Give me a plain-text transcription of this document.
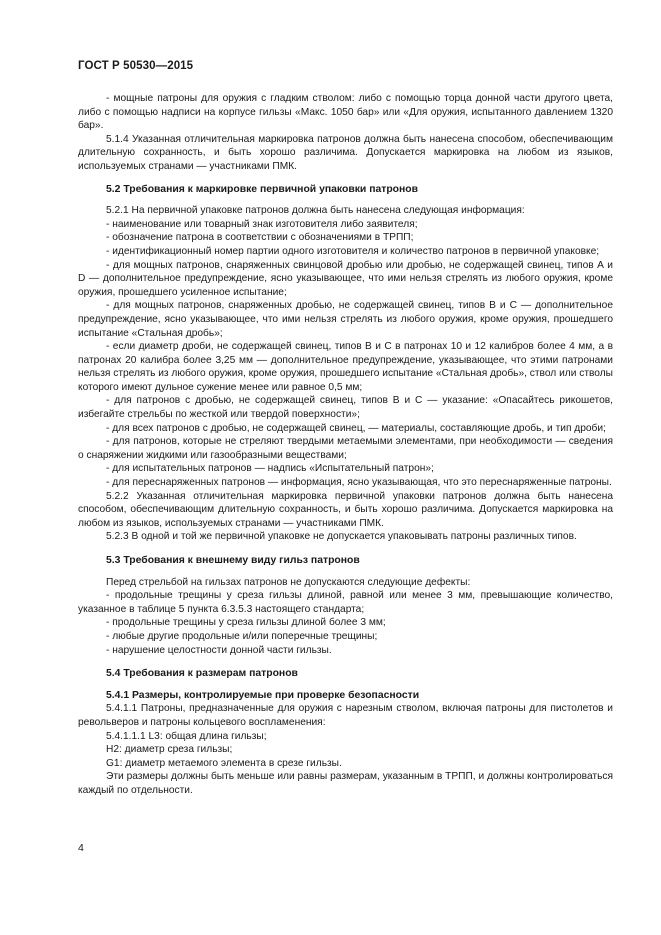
ГОСТ Р 50530—2015

- мощные патроны для оружия с гладким стволом: либо с помощью торца донной части другого цвета, либо с помощью надписи на корпусе гильзы «Макс. 1050 бар» или «Для оружия, испытанного давлением 1320 бар».

5.1.4 Указанная отличительная маркировка патронов должна быть нанесена способом, обеспечивающим длительную сохранность, и быть хорошо различима. Допускается маркировка на любом из языков, используемых странами — участниками ПМК.

5.2 Требования к маркировке первичной упаковки патронов

5.2.1 На первичной упаковке патронов должна быть нанесена следующая информация:

- наименование или товарный знак изготовителя либо заявителя;

- обозначение патрона в соответствии с обозначениями в ТРПП;

- идентификационный номер партии одного изготовителя и количество патронов в первичной упаковке;

- для мощных патронов, снаряженных свинцовой дробью или дробью, не содержащей свинец, типов А и D — дополнительное предупреждение, ясно указывающее, что ими нельзя стрелять из любого оружия, кроме оружия, прошедшего усиленное испытание;

- для мощных патронов, снаряженных дробью, не содержащей свинец, типов В и С — дополнительное предупреждение, ясно указывающее, что ими нельзя стрелять из любого оружия, кроме оружия, прошедшего испытание «Стальная дробь»;

- если диаметр дроби, не содержащей свинец, типов В и С в патронах 10 и 12 калибров более 4 мм, а в патронах 20 калибра более 3,25 мм — дополнительное предупреждение, указывающее, что этими патронами нельзя стрелять из любого оружия, кроме оружия, прошедшего испытание «Стальная дробь», ствол или стволы которого имеют дульное сужение менее или равное 0,5 мм;

- для патронов с дробью, не содержащей свинец, типов В и С — указание: «Опасайтесь рикошетов, избегайте стрельбы по жесткой или твердой поверхности»;

- для всех патронов с дробью, не содержащей свинец, — материалы, составляющие дробь, и тип дроби;

- для патронов, которые не стреляют твердыми метаемыми элементами, при необходимости — сведения о снаряжении жидкими или газообразными веществами;

- для испытательных патронов — надпись «Испытательный патрон»;

- для переснаряженных патронов — информация, ясно указывающая, что это переснаряженные патроны.

5.2.2 Указанная отличительная маркировка первичной упаковки патронов должна быть нанесена способом, обеспечивающим длительную сохранность, и быть хорошо различима. Допускается маркировка на любом из языков, используемых странами — участниками ПМК.

5.2.3 В одной и той же первичной упаковке не допускается упаковывать патроны различных типов.

5.3 Требования к внешнему виду гильз патронов

Перед стрельбой на гильзах патронов не допускаются следующие дефекты:

- продольные трещины у среза гильзы длиной, равной или менее 3 мм, превышающие количество, указанное в таблице 5 пункта 6.3.5.3 настоящего стандарта;

- продольные трещины у среза гильзы длиной более 3 мм;

- любые другие продольные и/или поперечные трещины;

- нарушение целостности донной части гильзы.

5.4 Требования к размерам патронов

5.4.1 Размеры, контролируемые при проверке безопасности

5.4.1.1 Патроны, предназначенные для оружия с нарезным стволом, включая патроны для пистолетов и револьверов и патроны кольцевого воспламенения:

5.4.1.1.1 L3: общая длина гильзы;

H2: диаметр среза гильзы;

G1: диаметр метаемого элемента в срезе гильзы.

Эти размеры должны быть меньше или равны размерам, указанным в ТРПП, и должны контролироваться каждый по отдельности.

4
